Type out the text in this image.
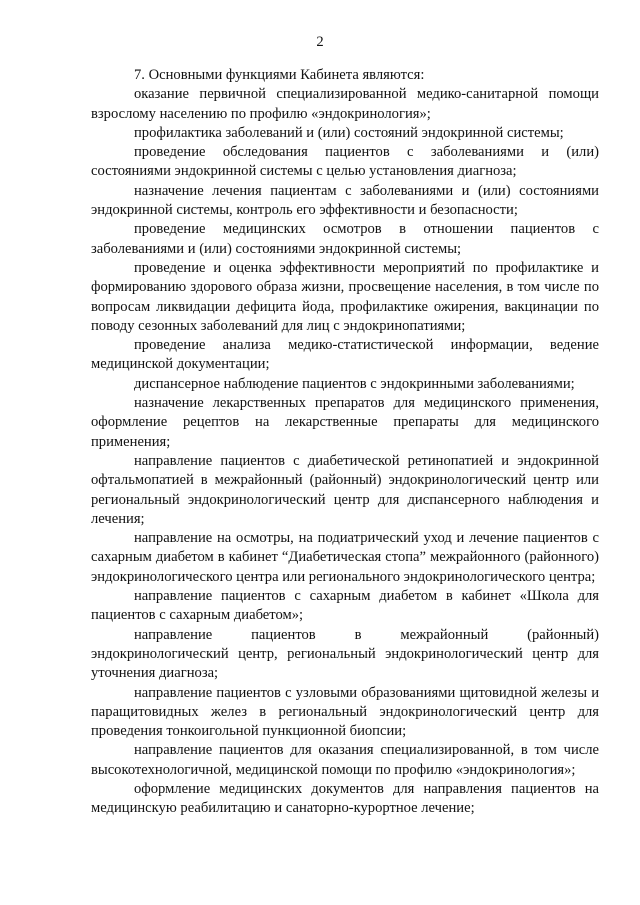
2

7. Основными функциями Кабинета являются:

оказание первичной специализированной медико-санитарной помощи взрослому населению по профилю «эндокринология»;

профилактика заболеваний и (или) состояний эндокринной системы;

проведение обследования пациентов с заболеваниями и (или) состояниями эндокринной системы с целью установления диагноза;

назначение лечения пациентам с заболеваниями и (или) состояниями эндокринной системы, контроль его эффективности и безопасности;

проведение медицинских осмотров в отношении пациентов с заболеваниями и (или) состояниями эндокринной системы;

проведение и оценка эффективности мероприятий по профилактике и формированию здорового образа жизни, просвещение населения, в том числе по вопросам ликвидации дефицита йода, профилактике ожирения, вакцинации по поводу сезонных заболеваний для лиц с эндокринопатиями;

проведение анализа медико-статистической информации, ведение медицинской документации;

диспансерное наблюдение пациентов с эндокринными заболеваниями;

назначение лекарственных препаратов для медицинского применения, оформление рецептов на лекарственные препараты для медицинского применения;

направление пациентов с диабетической ретинопатией и эндокринной офтальмопатией в межрайонный (районный) эндокринологический центр или региональный эндокринологический центр для диспансерного наблюдения и лечения;

направление на осмотры, на подиатрический уход и лечение пациентов с сахарным диабетом в кабинет “Диабетическая стопа” межрайонного (районного) эндокринологического центра или регионального эндокринологического центра;

направление пациентов с сахарным диабетом в кабинет «Школа для пациентов с сахарным диабетом»;

направление пациентов в межрайонный (районный) эндокринологический центр, региональный эндокринологический центр для уточнения диагноза;

направление пациентов с узловыми образованиями щитовидной железы и паращитовидных желез в региональный эндокринологический центр для проведения тонкоигольной пункционной биопсии;

направление пациентов для оказания специализированной, в том числе высокотехнологичной, медицинской помощи по профилю «эндокринология»;

оформление медицинских документов для направления пациентов на медицинскую реабилитацию и санаторно-курортное лечение;
